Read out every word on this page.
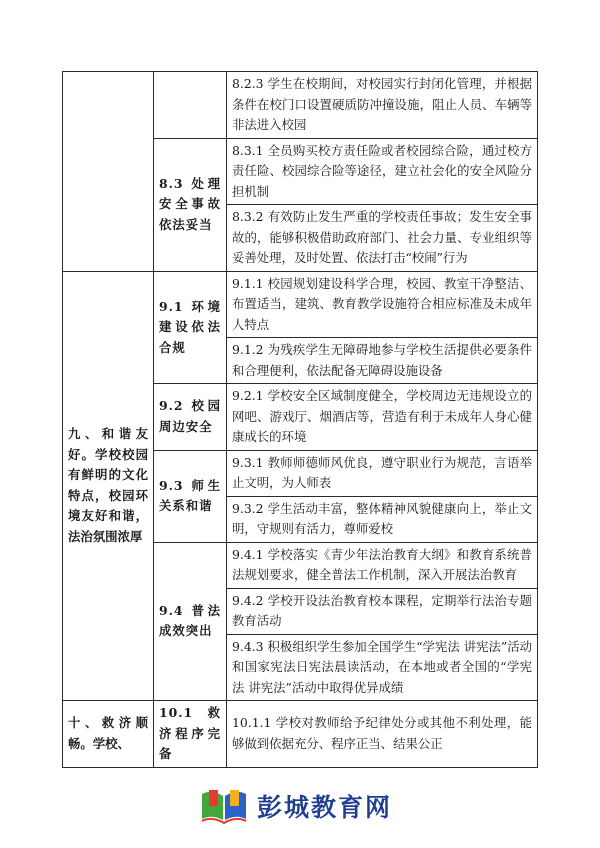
		8.2.3 学生在校期间，对校园实行封闭化管理，并根据条件在校门口设置硬质防冲撞设施，阻止人员、车辆等非法进入校园
	8.3 处理安全事故依法妥当	8.3.1 全员购买校方责任险或者校园综合险，通过校方责任险、校园综合险等途径，建立社会化的安全风险分担机制
		8.3.2 有效防止发生严重的学校责任事故；发生安全事故的，能够积极借助政府部门、社会力量、专业组织等妥善处理，及时处置、依法打击“校闹”行为
九、和谐友好。学校校园有鲜明的文化特点，校园环境友好和谐，法治氛围浓厚	9.1 环境建设依法合规	9.1.1 校园规划建设科学合理，校园、教室干净整洁、布置适当，建筑、教育教学设施符合相应标准及未成年人特点
		9.1.2 为残疾学生无障碍地参与学校生活提供必要条件和合理便利，依法配备无障碍设施设备
	9.2 校园周边安全	9.2.1 学校安全区域制度健全，学校周边无违规设立的网吧、游戏厅、烟酒店等，营造有利于未成年人身心健康成长的环境
	9.3 师生关系和谐	9.3.1 教师师德师风优良，遵守职业行为规范，言语举止文明，为人师表
		9.3.2 学生活动丰富，整体精神风貌健康向上，举止文明，守规则有活力，尊师爱校
	9.4 普法成效突出	9.4.1 学校落实《青少年法治教育大纲》和教育系统普法规划要求，健全普法工作机制，深入开展法治教育
		9.4.2 学校开设法治教育校本课程，定期举行法治专题教育活动
		9.4.3 积极组织学生参加全国学生“学宪法 讲宪法”活动和国家宪法日宪法晨读活动，在本地或者全国的“学宪法 讲宪法”活动中取得优异成绩
十、救济顺畅。学校、	10.1 救济程序完备	10.1.1 学校对教师给予纪律处分或其他不利处理，能够做到依据充分、程序正当、结果公正
彭城教育网
